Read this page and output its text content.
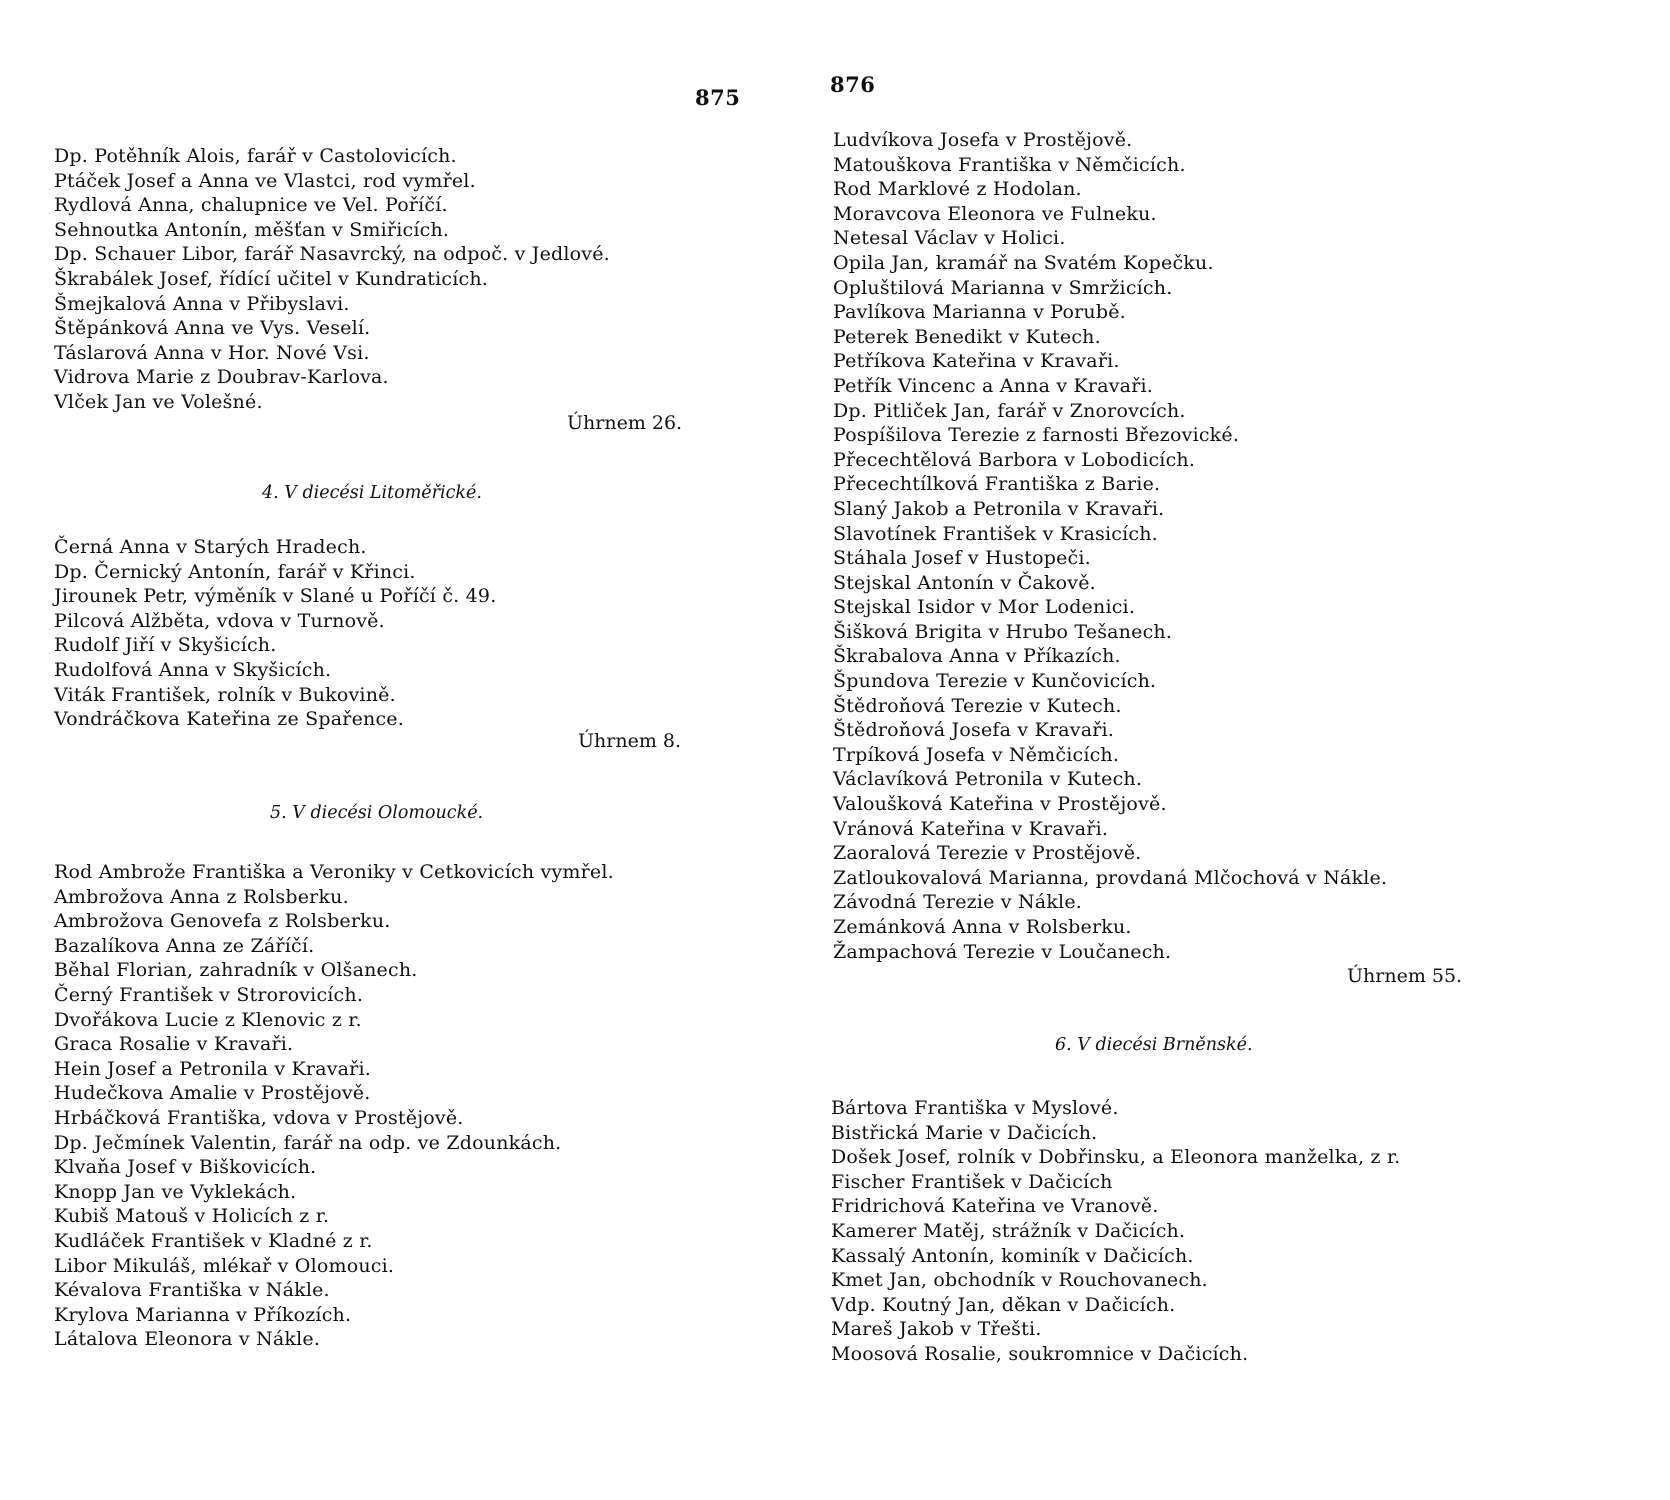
875
Dp. Potěhník Alois, farář v Castolovicích.
Ptáček Josef a Anna ve Vlastci, rod vymřel.
Rydlová Anna, chalupnice ve Vel. Poříčí.
Sehnoutka Antonín, měšťan v Smiřicích.
Dp. Schauer Libor, farář Nasavrcký, na odpoč. v Jedlové.
Škrabálek Josef, řídící učitel v Kundraticích.
Šmejkalová Anna v Přibyslavi.
Štěpánková Anna ve Vys. Veselí.
Táslarová Anna v Hor. Nové Vsi.
Vidrova Marie z Doubrav-Karlova.
Vlček Jan ve Volešné.
Úhrnem 26.
4. V diecési Litoměřické.
Černá Anna v Starých Hradech.
Dp. Černický Antonín, farář v Křinci.
Jirounek Petr, výměník v Slané u Poříčí č. 49.
Pilcová Alžběta, vdova v Turnově.
Rudolf Jiří v Skyšicích.
Rudolfová Anna v Skyšicích.
Viták František, rolník v Bukovině.
Vondráčkova Kateřina ze Spařence.
Úhrnem 8.
5. V diecési Olomoucké.
Rod Ambrože Františka a Veroniky v Cetkovicích vymřel.
Ambrožova Anna z Rolsberku.
Ambrožova Genovefa z Rolsberku.
Bazalíkova Anna ze Záříčí.
Běhal Florian, zahradník v Olšanech.
Černý František v Strorovicích.
Dvořákova Lucie z Klenovic z r.
Graca Rosalie v Kravaři.
Hein Josef a Petronila v Kravaři.
Hudečkova Amalie v Prostějově.
Hrbáčková Františka, vdova v Prostějově.
Dp. Ječmínek Valentin, farář na odp. ve Zdounkách.
Klvaňa Josef v Biškovicích.
Knopp Jan ve Vyklekách.
Kubiš Matouš v Holicích z r.
Kudláček František v Kladné z r.
Libor Mikuláš, mlékař v Olomouci.
Kévalova Františka v Nákle.
Krylova Marianna v Příkozích.
Látalova Eleonora v Nákle.
876
Ludvíkova Josefa v Prostějově.
Matouškova Františka v Němčicích.
Rod Marklové z Hodolan.
Moravcova Eleonora ve Fulneku.
Netesal Václav v Holici.
Opila Jan, kramář na Svatém Kopečku.
Opluštilová Marianna v Smržicích.
Pavlíkova Marianna v Porubě.
Peterek Benedikt v Kutech.
Petříkova Kateřina v Kravaři.
Petřík Vincenc a Anna v Kravaři.
Dp. Pitliček Jan, farář v Znorovcích.
Pospíšilova Terezie z farnosti Březovické.
Přecechtělová Barbora v Lobodicích.
Přecechtílková Františka z Barie.
Slaný Jakob a Petronila v Kravaři.
Slavotínek František v Krasicích.
Stáhala Josef v Hustopeči.
Stejskal Antonín v Čakově.
Stejskal Isidor v Mor Lodenici.
Šišková Brigita v Hrubo Tešanech.
Škrabalova Anna v Příkazích.
Špundova Terezie v Kunčovicích.
Štědroňová Terezie v Kutech.
Štědroňová Josefa v Kravaři.
Trpíková Josefa v Němčicích.
Václavíková Petronila v Kutech.
Valoušková Kateřina v Prostějově.
Vránová Kateřina v Kravaři.
Zaoralová Terezie v Prostějově.
Zatloukovalová Marianna, provdaná Mlčochová v Nákle.
Závodná Terezie v Nákle.
Zemánková Anna v Rolsberku.
Žampachová Terezie v Loučanech.
Úhrnem 55.
6. V diecési Brněnské.
Bártova Františka v Myslové.
Bistřická Marie v Dačicích.
Došek Josef, rolník v Dobřinsku, a Eleonora manželka, z r.
Fischer František v Dačicích
Fridrichová Kateřina ve Vranově.
Kamerer Matěj, strážník v Dačicích.
Kassalý Antonín, kominík v Dačicích.
Kmet Jan, obchodník v Rouchovanech.
Vdp. Koutný Jan, děkan v Dačicích.
Mareš Jakob v Třešti.
Moosová Rosalie, soukromnice v Dačicích.
